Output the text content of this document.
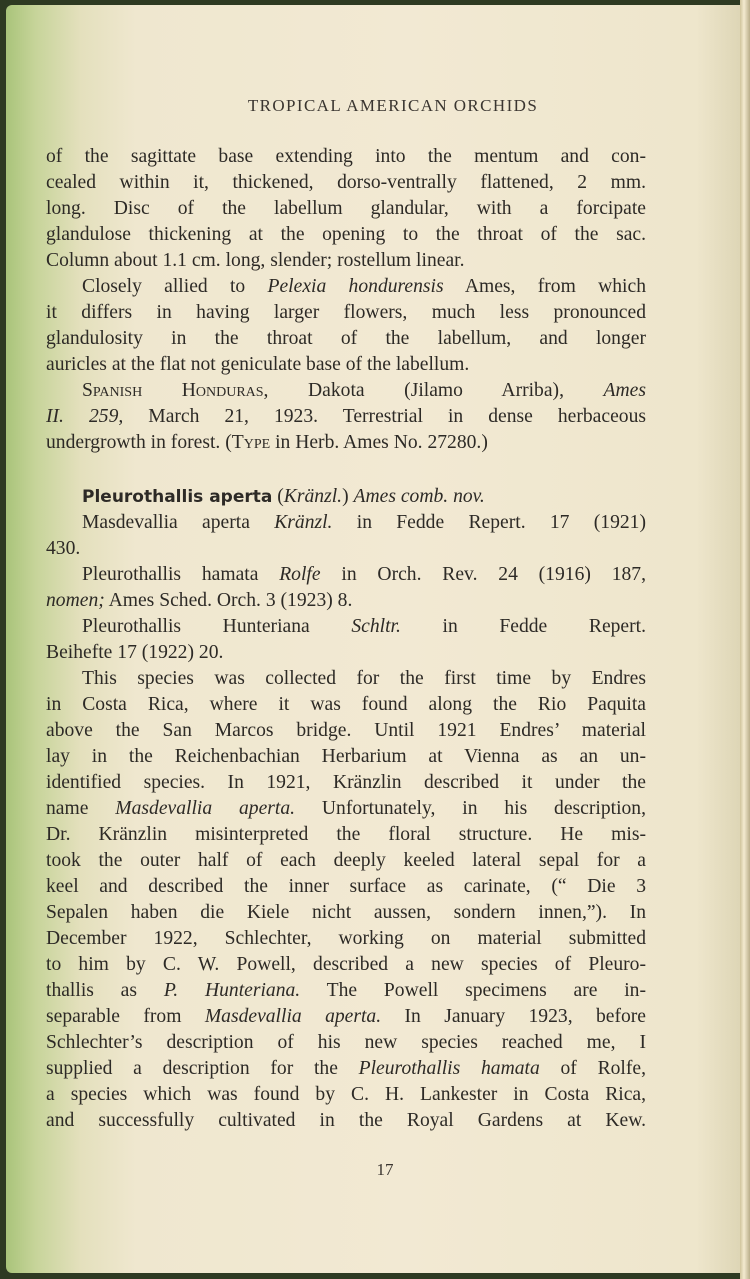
TROPICAL AMERICAN ORCHIDS
of the sagittate base extending into the mentum and con-
cealed within it, thickened, dorso-ventrally flattened, 2 mm.
long. Disc of the labellum glandular, with a forcipate
glandulose thickening at the opening to the throat of the sac.
Column about 1.1 cm. long, slender; rostellum linear.
Closely allied to Pelexia hondurensis Ames, from which
it differs in having larger flowers, much less pronounced
glandulosity in the throat of the labellum, and longer
auricles at the flat not geniculate base of the labellum.
Spanish Honduras, Dakota (Jilamo Arriba), Ames
II. 259, March 21, 1923. Terrestrial in dense herbaceous
undergrowth in forest. (Type in Herb. Ames No. 27280.)
Pleurothallis aperta (Kränzl.) Ames comb. nov.
Masdevallia aperta Kränzl. in Fedde Repert. 17 (1921)
430.
Pleurothallis hamata Rolfe in Orch. Rev. 24 (1916) 187,
nomen; Ames Sched. Orch. 3 (1923) 8.
Pleurothallis Hunteriana Schltr. in Fedde Repert.
Beihefte 17 (1922) 20.
This species was collected for the first time by Endres
in Costa Rica, where it was found along the Rio Paquita
above the San Marcos bridge. Until 1921 Endres’ material
lay in the Reichenbachian Herbarium at Vienna as an un-
identified species. In 1921, Kränzlin described it under the
name Masdevallia aperta. Unfortunately, in his description,
Dr. Kränzlin misinterpreted the floral structure. He mis-
took the outer half of each deeply keeled lateral sepal for a
keel and described the inner surface as carinate, (“ Die 3
Sepalen haben die Kiele nicht aussen, sondern innen,”). In
December 1922, Schlechter, working on material submitted
to him by C. W. Powell, described a new species of Pleuro-
thallis as P. Hunteriana. The Powell specimens are in-
separable from Masdevallia aperta. In January 1923, before
Schlechter’s description of his new species reached me, I
supplied a description for the Pleurothallis hamata of Rolfe,
a species which was found by C. H. Lankester in Costa Rica,
and successfully cultivated in the Royal Gardens at Kew.
17
